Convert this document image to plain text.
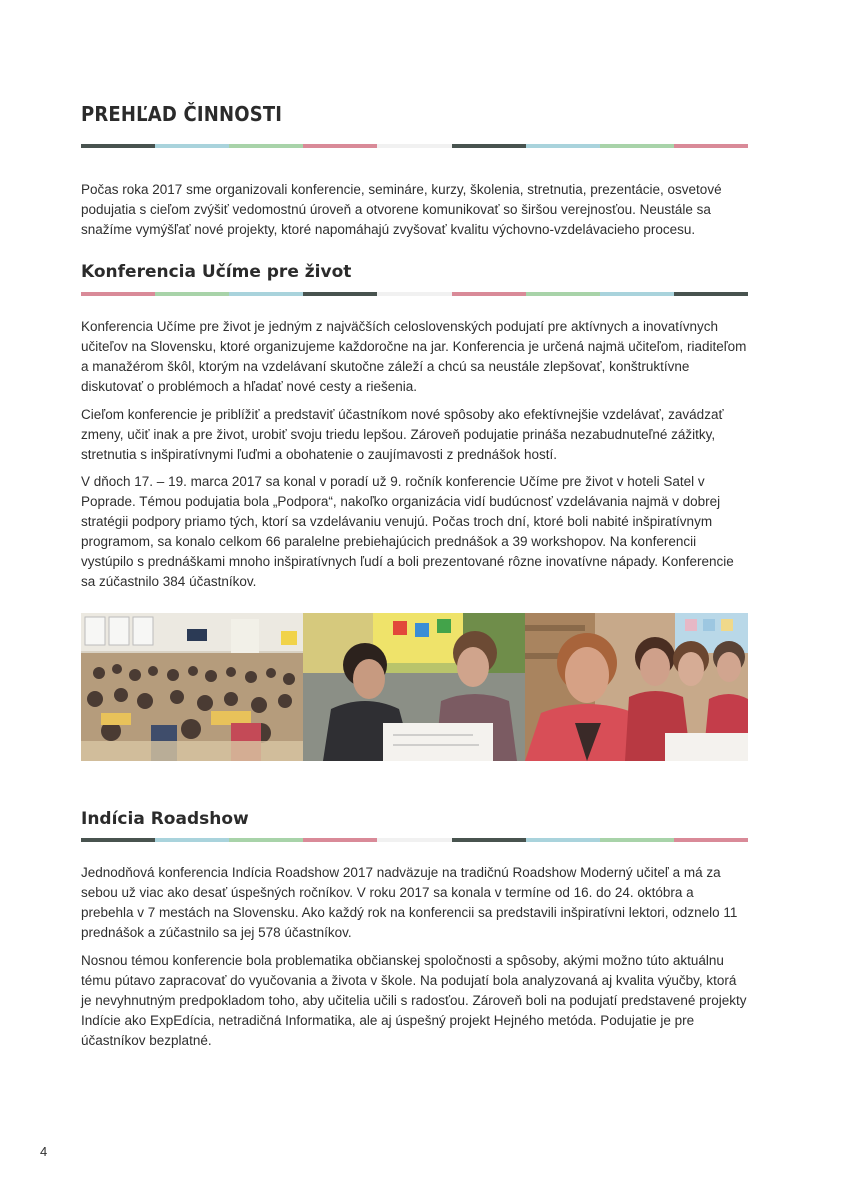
PREHĽAD ČINNOSTI

Počas roka 2017 sme organizovali konferencie, semináre, kurzy, školenia, stretnutia, prezentácie, osvetové podujatia s cieľom zvýšiť vedomostnú úroveň a otvorene komunikovať so širšou verejnosťou. Neustále sa snažíme vymýšľať nové projekty, ktoré napomáhajú zvyšovať kvalitu výchovno-vzdelávacieho procesu.

Konferencia Učíme pre život

Konferencia Učíme pre život je jedným z najväčších celoslovenských podujatí pre aktívnych a inovatívnych učiteľov na Slovensku, ktoré organizujeme každoročne na jar. Konferencia je určená najmä učiteľom, riaditeľom a manažérom škôl, ktorým na vzdelávaní skutočne záleží a chcú sa neustále zlepšovať, konštruktívne diskutovať o problémoch a hľadať nové cesty a riešenia.

Cieľom konferencie je priblížiť a predstaviť účastníkom nové spôsoby ako efektívnejšie vzdelávať, zavádzať zmeny, učiť inak a pre život, urobiť svoju triedu lepšou. Zároveň podujatie prináša nezabudnuteľné zážitky, stretnutia s inšpiratívnymi ľuďmi a obohatenie o zaujímavosti z prednášok hostí.

V dňoch 17. – 19. marca 2017 sa konal v poradí už 9. ročník konferencie Učíme pre život v hoteli Satel v Poprade. Témou podujatia bola „Podpora“, nakoľko organizácia vidí budúcnosť vzdelávania najmä v dobrej stratégii podpory priamo tých, ktorí sa vzdelávaniu venujú. Počas troch dní, ktoré boli nabité inšpiratívnym programom, sa konalo celkom 66 paralelne prebiehajúcich prednášok a 39 workshopov. Na konferencii vystúpilo s prednáškami mnoho inšpiratívnych ľudí a boli prezentované rôzne inovatívne nápady. Konferencie sa zúčastnilo 384 účastníkov.

Indícia Roadshow

Jednodňová konferencia Indícia Roadshow 2017 nadväzuje na tradičnú Roadshow Moderný učiteľ a má za sebou už viac ako desať úspešných ročníkov. V roku 2017 sa konala v termíne od 16. do 24. októbra a prebehla v 7 mestách na Slovensku. Ako každý rok na konferencii sa predstavili inšpiratívni lektori, odznelo 11 prednášok a zúčastnilo sa jej 578 účastníkov.

Nosnou témou konferencie bola problematika občianskej spoločnosti a spôsoby, akými možno túto aktuálnu tému pútavo zapracovať do vyučovania a života v škole. Na podujatí bola analyzovaná aj kvalita výučby, ktorá je nevyhnutným predpokladom toho, aby učitelia učili s radosťou. Zároveň boli na podujatí predstavené projekty Indície ako ExpEdícia, netradičná Informatika, ale aj úspešný projekt Hejného metóda. Podujatie je pre účastníkov bezplatné.

4
